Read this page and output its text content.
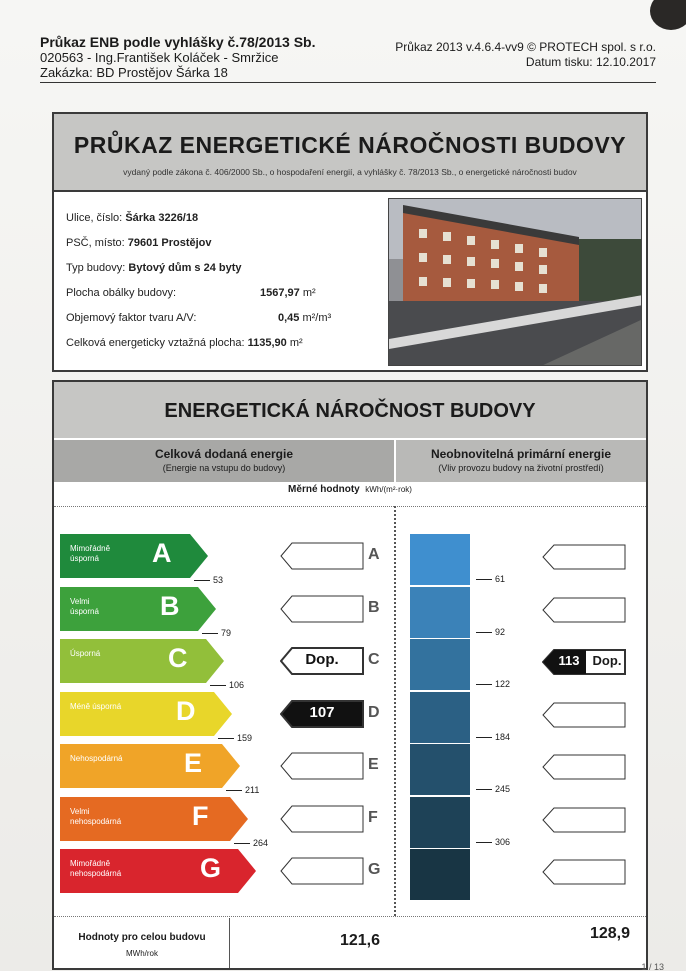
Průkaz ENB podle vyhlášky č.78/2013 Sb.
020563 - Ing.František Koláček - Smržice
Zakázka: BD Prostějov Šárka 18
Průkaz 2013 v.4.6.4-vv9 © PROTECH spol. s r.o.
Datum tisku: 12.10.2017
PRŮKAZ ENERGETICKÉ NÁROČNOSTI BUDOVY
vydaný podle zákona č. 406/2000 Sb., o hospodaření energií, a vyhlášky č. 78/2013 Sb., o energetické náročnosti budov
Ulice, číslo: Šárka 3226/18
PSČ, místo: 79601 Prostějov
Typ budovy: Bytový dům s 24 byty
Plocha obálky budovy:	1567,97 m²
Objemový faktor tvaru A/V:	0,45 m²/m³
Celková energeticky vztažná plocha: 1135,90 m²
ENERGETICKÁ NÁROČNOST BUDOVY
Celková dodaná energie
(Energie na vstupu do budovy)
Neobnovitelná primární energie
(Vliv provozu budovy na životní prostředí)
Měrné hodnoty kWh/(m²·rok)
Mimořádně
úsporná	A
53
A
61
Velmi
úsporná	B
79
B
92
Úsporná	C
106
Dop.	C
122
113	Dop.
Méně úsporná	D
159
107	D
184
Nehospodárná	E
211
E
245
Velmi
nehospodárná	F
264
F
306
Mimořádně
nehospodárná	G	G
Hodnoty pro celou budovu
MWh/rok
121,6	128,9
1 / 13
